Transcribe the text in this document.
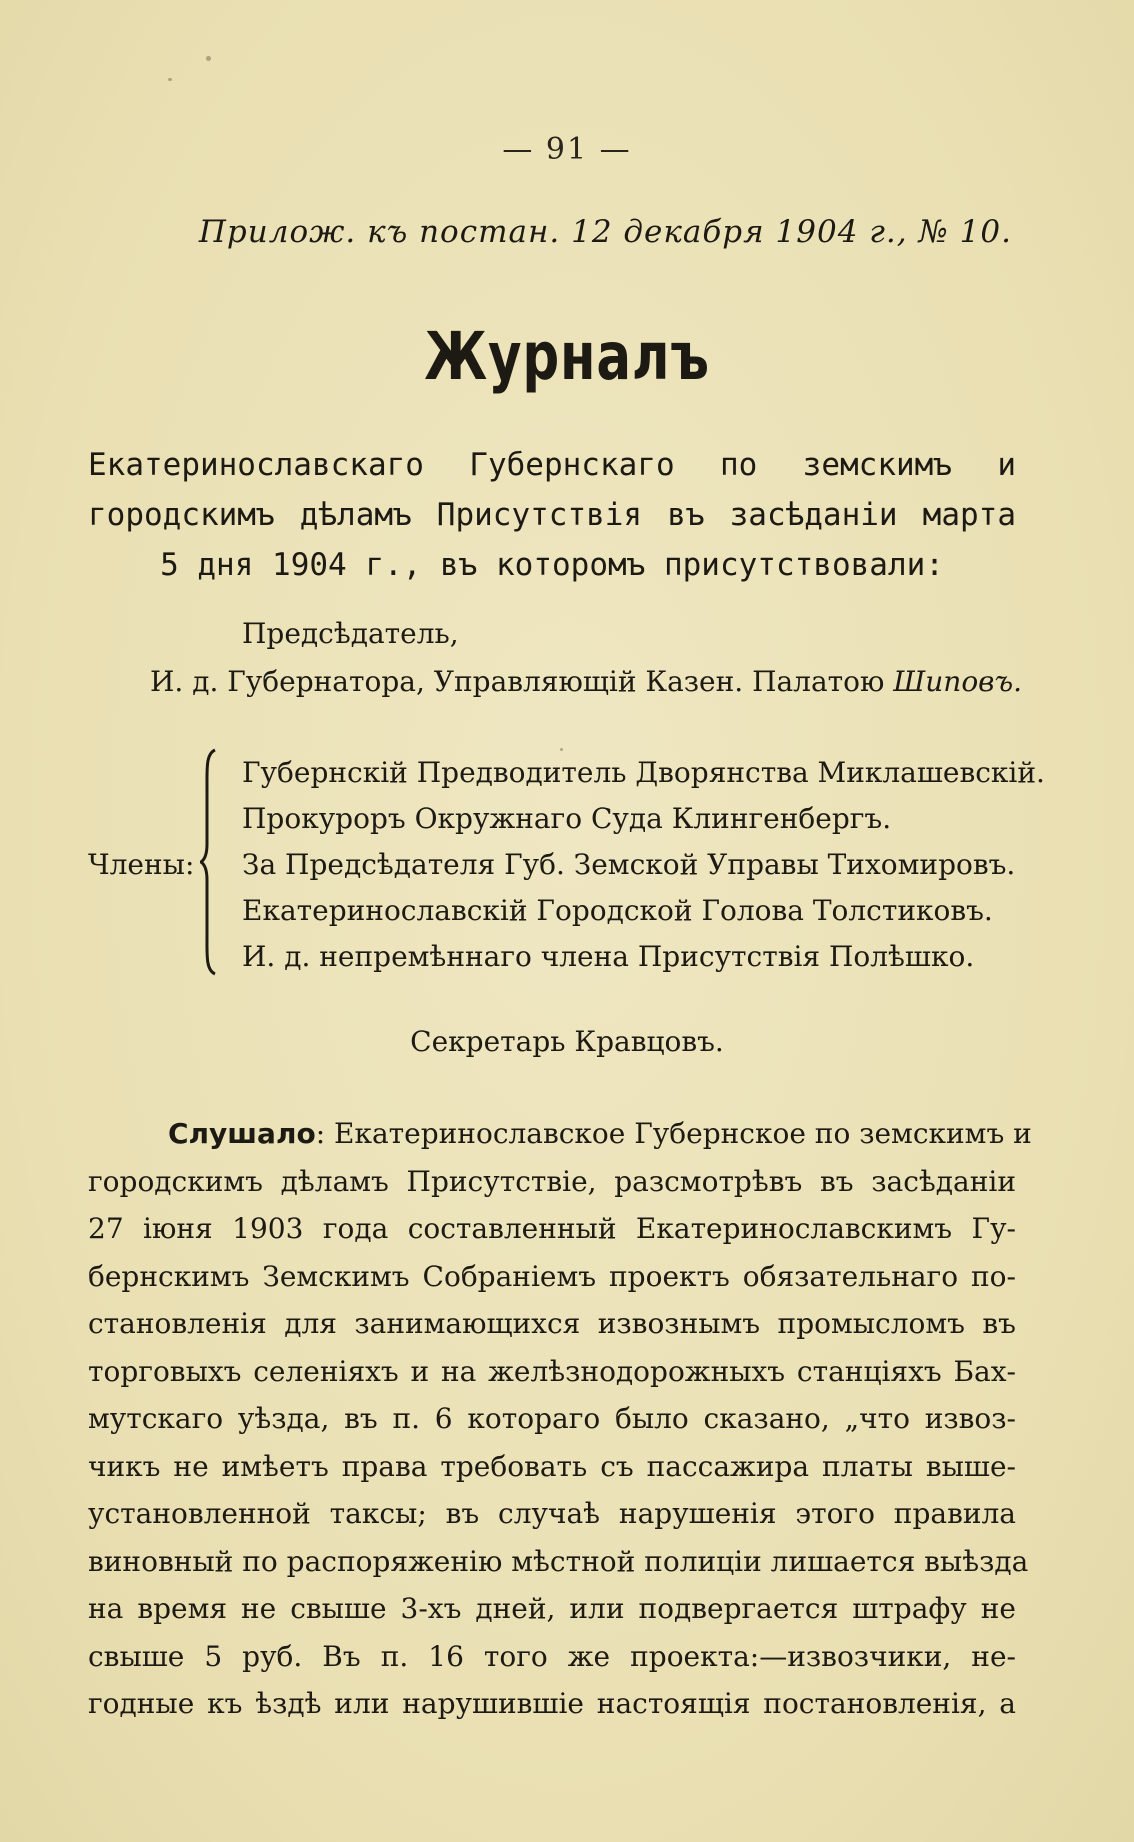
— 91 —
Прилож. къ постан. 12 декабря 1904 г., № 10.
Журналъ
Екатеринославскаго Губернскаго по земскимъ и
городскимъ дѣламъ Присутствія въ засѣданіи марта
5 дня 1904 г., въ которомъ присутствовали:
Предсѣдатель,
И. д. Губернатора, Управляющій Казен. Палатою Шиповъ.
Члены:
Губернскій Предводитель Дворянства Миклашевскій.
Прокуроръ Окружнаго Суда Клингенбергъ.
За Предсѣдателя Губ. Земской Управы Тихомировъ.
Екатеринославскій Городской Голова Толстиковъ.
И. д. непремѣннаго члена Присутствія Полѣшко.
Секретарь Кравцовъ.
Слушало: Екатеринославское Губернское по земскимъ и
городскимъ дѣламъ Присутствіе, разсмотрѣвъ въ засѣданіи
27 іюня 1903 года составленный Екатеринославскимъ Гу-
бернскимъ Земскимъ Собраніемъ проектъ обязательнаго по-
становленія для занимающихся извознымъ промысломъ въ
торговыхъ селеніяхъ и на желѣзнодорожныхъ станціяхъ Бах-
мутскаго уѣзда, въ п. 6 котораго было сказано, „что извоз-
чикъ не имѣетъ права требовать съ пассажира платы выше-
установленной таксы; въ случаѣ нарушенія этого правила
виновный по распоряженію мѣстной полиціи лишается выѣзда
на время не свыше 3-хъ дней, или подвергается штрафу не
свыше 5 руб. Въ п. 16 того же проекта:—извозчики, не-
годные къ ѣздѣ или нарушившіе настоящія постановленія, а
